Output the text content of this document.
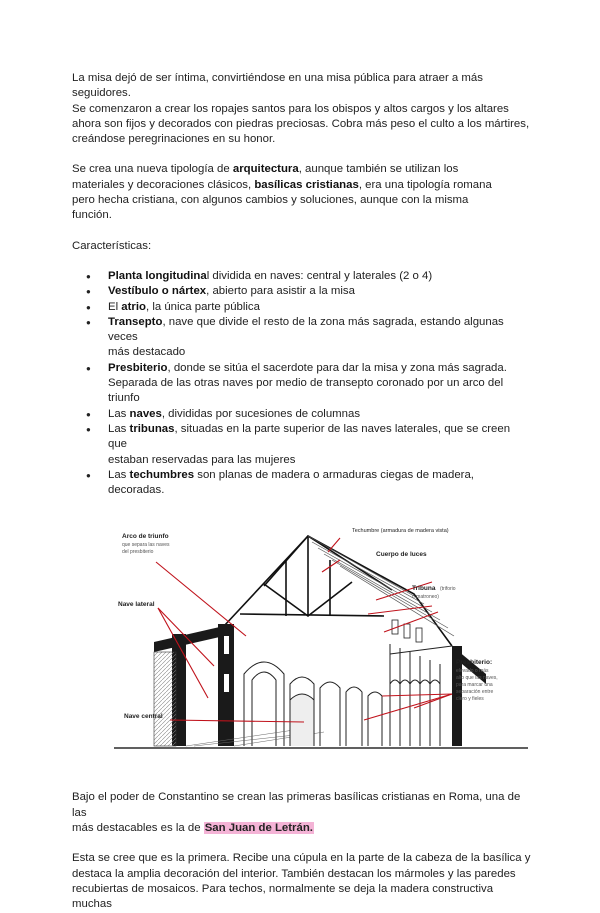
La misa dejó de ser íntima, convirtiéndose en una misa pública para atraer a más
seguidores.
Se comenzaron a crear los ropajes santos para los obispos y altos cargos y los altares
ahora son fijos y decorados con piedras preciosas. Cobra más peso el culto a los mártires,
creándose peregrinaciones en su honor.

Se crea una nueva tipología de arquitectura, aunque también se utilizan los
materiales y decoraciones clásicos, basílicas cristianas, era una tipología romana
pero hecha cristiana, con algunos cambios y soluciones, aunque con la misma
función.

Características:

● Planta longitudinal dividida en naves: central y laterales (2 o 4)
● Vestíbulo o nártex, abierto para asistir a la misa
● El atrio, la única parte pública
● Transepto, nave que divide el resto de la zona más sagrada, estando algunas veces
más destacado
● Presbiterio, donde se sitúa el sacerdote para dar la misa y zona más sagrada.
Separada de las otras naves por medio de transepto coronado por un arco del triunfo
● Las naves, divididas por sucesiones de columnas
● Las tribunas, situadas en la parte superior de las naves laterales, que se creen que
estaban reservadas para las mujeres
● Las techumbres son planas de madera o armaduras ciegas de madera, decoradas.
Arco de triunfo
que separa las naves
del presbiterio
Techumbre (armadura de madera vista)
Cuerpo de luces
Tribuna (triforio
o matroneo)
Nave lateral
Presbiterio:
elevado o más
alto que las naves,
para marcar una
separación entre
clero y fieles
Nave central

Bajo el poder de Constantino se crean las primeras basílicas cristianas en Roma, una de las
más destacables es la de San Juan de Letrán.

Esta se cree que es la primera. Recibe una cúpula en la parte de la cabeza de la basílica y
destaca la amplia decoración del interior. También destacan los mármoles y las paredes
recubiertas de mosaicos. Para techos, normalmente se deja la madera constructiva muchas
